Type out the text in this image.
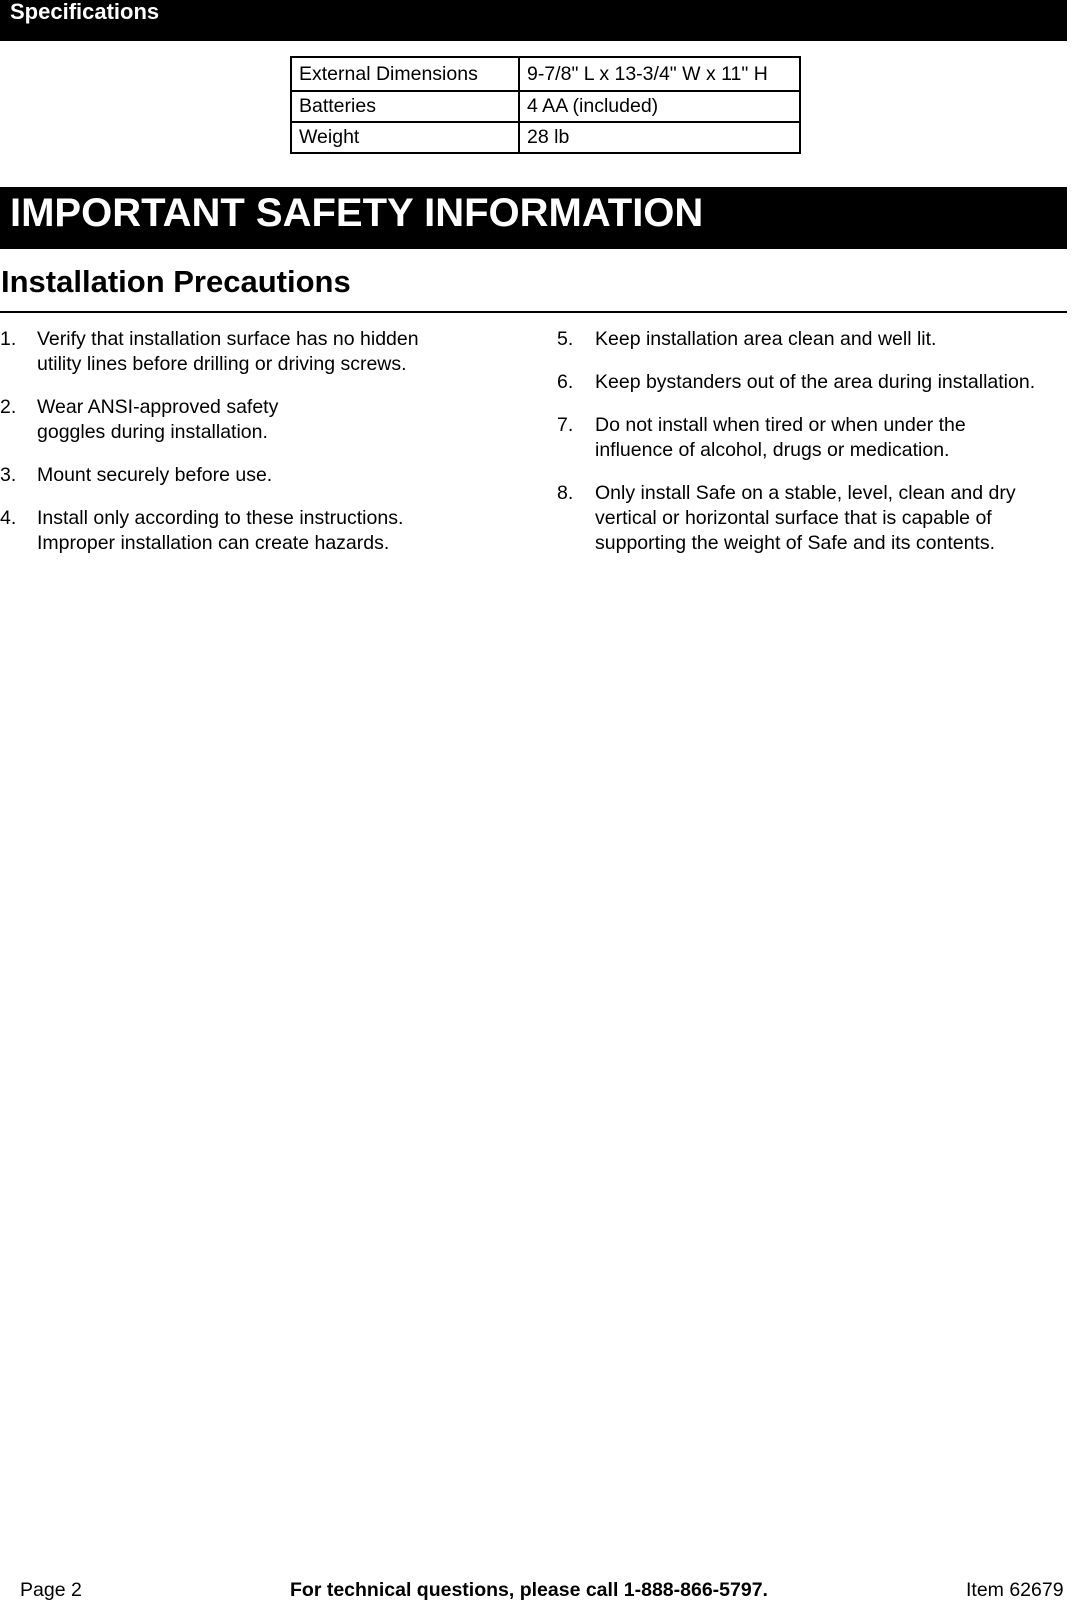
Specifications
External Dimensions	9-7/8" L x 13-3/4" W x 11" H
Batteries	4 AA (included)
Weight	28 lb
IMPORTANT SAFETY INFORMATION
Installation Precautions
1. Verify that installation surface has no hidden
utility lines before drilling or driving screws.
2. Wear ANSI-approved safety
goggles during installation.
3. Mount securely before use.
4. Install only according to these instructions.
Improper installation can create hazards.
5. Keep installation area clean and well lit.
6. Keep bystanders out of the area during installation.
7. Do not install when tired or when under the
influence of alcohol, drugs or medication.
8. Only install Safe on a stable, level, clean and dry
vertical or horizontal surface that is capable of
supporting the weight of Safe and its contents.
Page 2	For technical questions, please call 1-888-866-5797.	Item 62679
